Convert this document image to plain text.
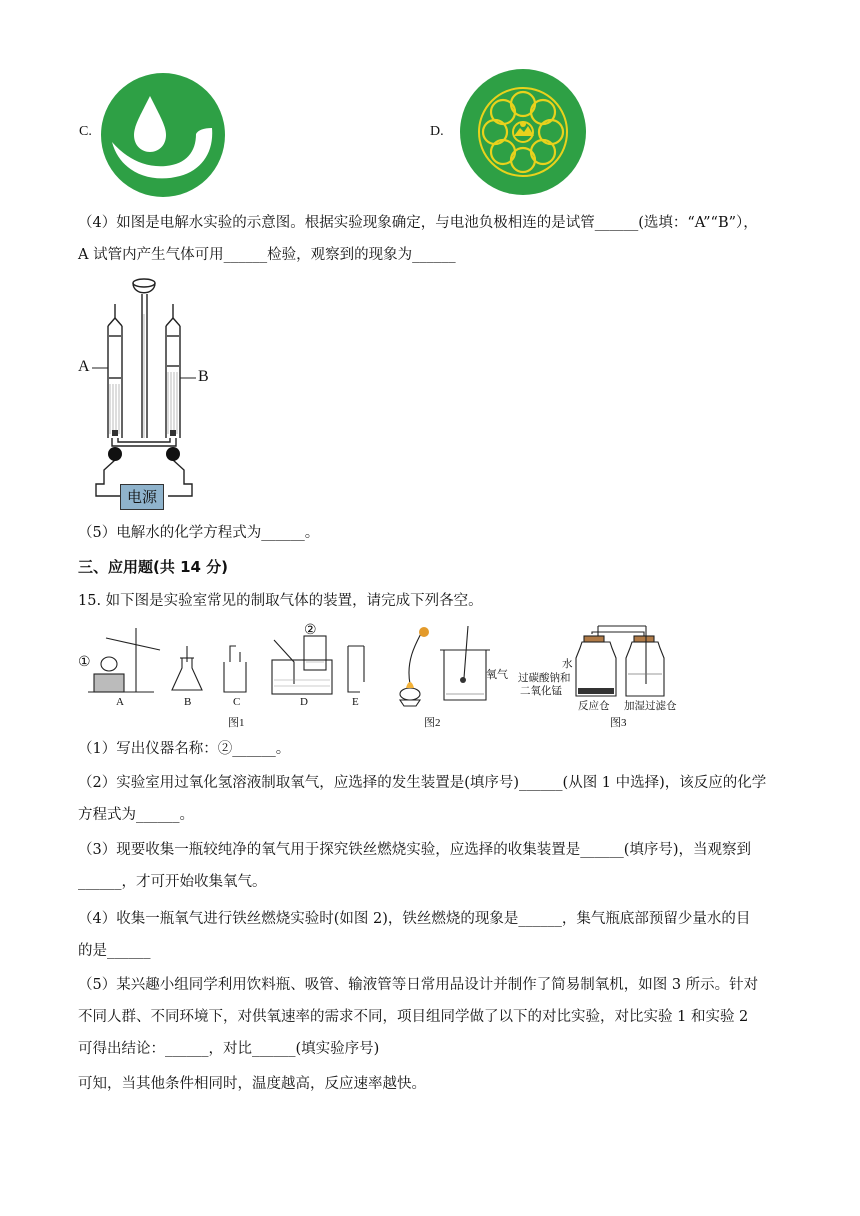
C.	D.
（4）如图是电解水实验的示意图。根据实验现象确定，与电池负极相连的是试管______(选填：“A”“B”），
A 试管内产生气体可用______检验，观察到的现象为______
A
B
电源
（5）电解水的化学方程式为______。
三、应用题(共 14 分)
15. 如下图是实验室常见的制取气体的装置，请完成下列各空。
①
②
A	B	C	D	E
图1
氧气
图2
水
过碳酸钠和
二氧化锰
反应仓 加湿过滤仓
图3
（1）写出仪器名称：②______。
（2）实验室用过氧化氢溶液制取氧气，应选择的发生装置是(填序号)______(从图 1 中选择)，该反应的化学
方程式为______。
（3）现要收集一瓶较纯净的氧气用于探究铁丝燃烧实验，应选择的收集装置是______(填序号)，当观察到
______，才可开始收集氧气。
（4）收集一瓶氧气进行铁丝燃烧实验时(如图 2)，铁丝燃烧的现象是______，集气瓶底部预留少量水的目
的是______
（5）某兴趣小组同学利用饮料瓶、吸管、输液管等日常用品设计并制作了简易制氧机，如图 3 所示。针对
不同人群、不同环境下，对供氧速率的需求不同，项目组同学做了以下的对比实验，对比实验 1 和实验 2
可得出结论：______，对比______(填实验序号)
可知，当其他条件相同时，温度越高，反应速率越快。
